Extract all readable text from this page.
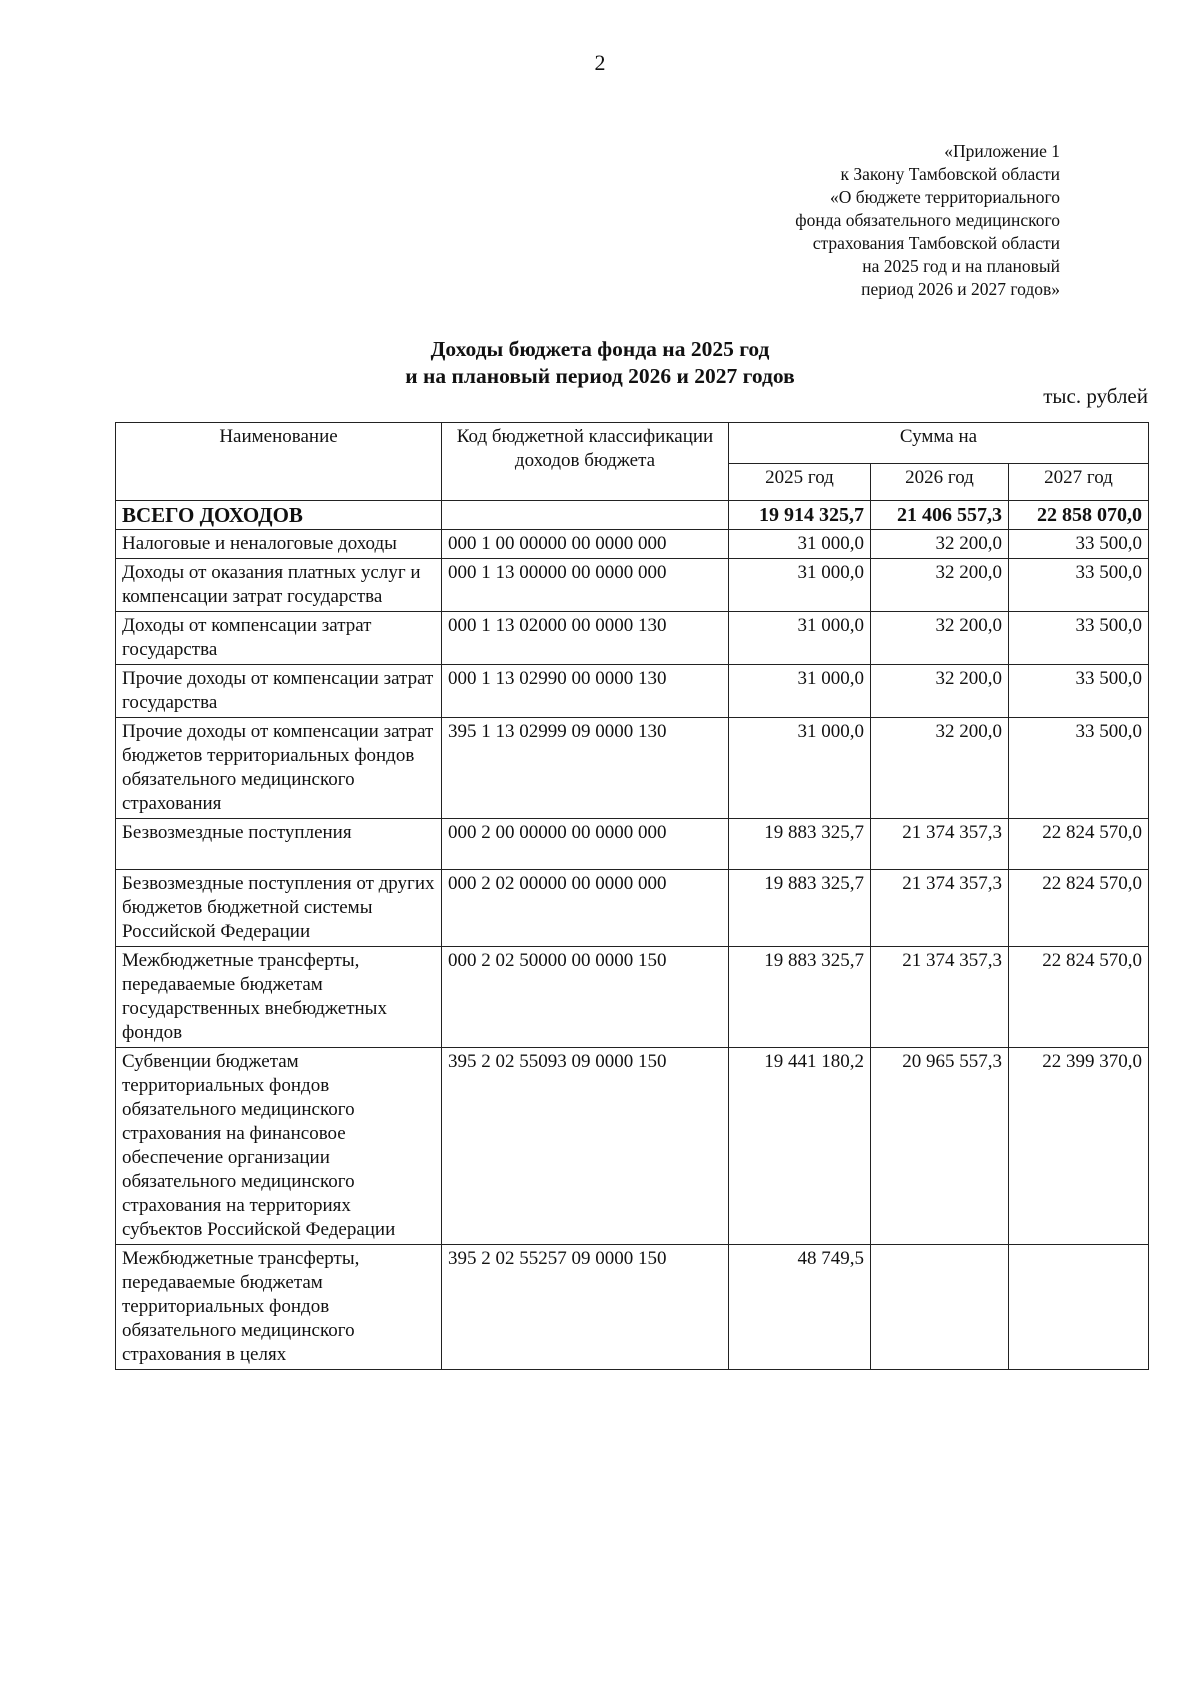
2
«Приложение 1
к Закону Тамбовской области
«О бюджете территориального
фонда обязательного медицинского
страхования Тамбовской области
на 2025 год и на плановый
период 2026 и 2027 годов»
Доходы бюджета фонда на 2025 год
и на плановый период 2026 и 2027 годов
тыс. рублей
Наименование	Код бюджетной классификации доходов бюджета	Сумма на		
		2025 год	2026 год	2027 год
ВСЕГО ДОХОДОВ		19 914 325,7	21 406 557,3	22 858 070,0
Налоговые и неналоговые доходы	000 1 00 00000 00 0000 000	31 000,0	32 200,0	33 500,0
Доходы от оказания платных услуг и компенсации затрат государства	000 1 13 00000 00 0000 000	31 000,0	32 200,0	33 500,0
Доходы от компенсации затрат государства	000 1 13 02000 00 0000 130	31 000,0	32 200,0	33 500,0
Прочие доходы от компенсации затрат государства	000 1 13 02990 00 0000 130	31 000,0	32 200,0	33 500,0
Прочие доходы от компенсации затрат бюджетов территориальных фондов обязательного медицинского страхования	395 1 13 02999 09 0000 130	31 000,0	32 200,0	33 500,0
Безвозмездные поступления	000 2 00 00000 00 0000 000	19 883 325,7	21 374 357,3	22 824 570,0
Безвозмездные поступления от других бюджетов бюджетной системы Российской Федерации	000 2 02 00000 00 0000 000	19 883 325,7	21 374 357,3	22 824 570,0
Межбюджетные трансферты, передаваемые бюджетам государственных внебюджетных фондов	000 2 02 50000 00 0000 150	19 883 325,7	21 374 357,3	22 824 570,0
Субвенции бюджетам территориальных фондов обязательного медицинского страхования на финансовое обеспечение организации обязательного медицинского страхования на территориях субъектов Российской Федерации	395 2 02 55093 09 0000 150	19 441 180,2	20 965 557,3	22 399 370,0
Межбюджетные трансферты, передаваемые бюджетам территориальных фондов обязательного медицинского страхования в целях	395 2 02 55257 09 0000 150	48 749,5		
